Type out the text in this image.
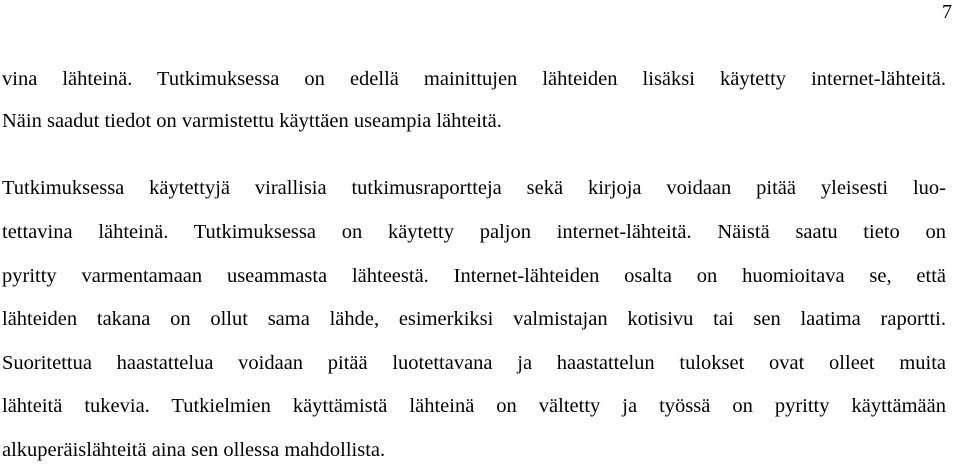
7
vina lähteinä. Tutkimuksessa on edellä mainittujen lähteiden lisäksi käytetty internet-lähteitä.
Näin saadut tiedot on varmistettu käyttäen useampia lähteitä.
Tutkimuksessa käytettyjä virallisia tutkimusraportteja sekä kirjoja voidaan pitää yleisesti luo-
tettavina lähteinä. Tutkimuksessa on käytetty paljon internet-lähteitä. Näistä saatu tieto on
pyritty varmentamaan useammasta lähteestä. Internet-lähteiden osalta on huomioitava se, että
lähteiden takana on ollut sama lähde, esimerkiksi valmistajan kotisivu tai sen laatima raportti.
Suoritettua haastattelua voidaan pitää luotettavana ja haastattelun tulokset ovat olleet muita
lähteitä tukevia. Tutkielmien käyttämistä lähteinä on vältetty ja työssä on pyritty käyttämään
alkuperäislähteitä aina sen ollessa mahdollista.
